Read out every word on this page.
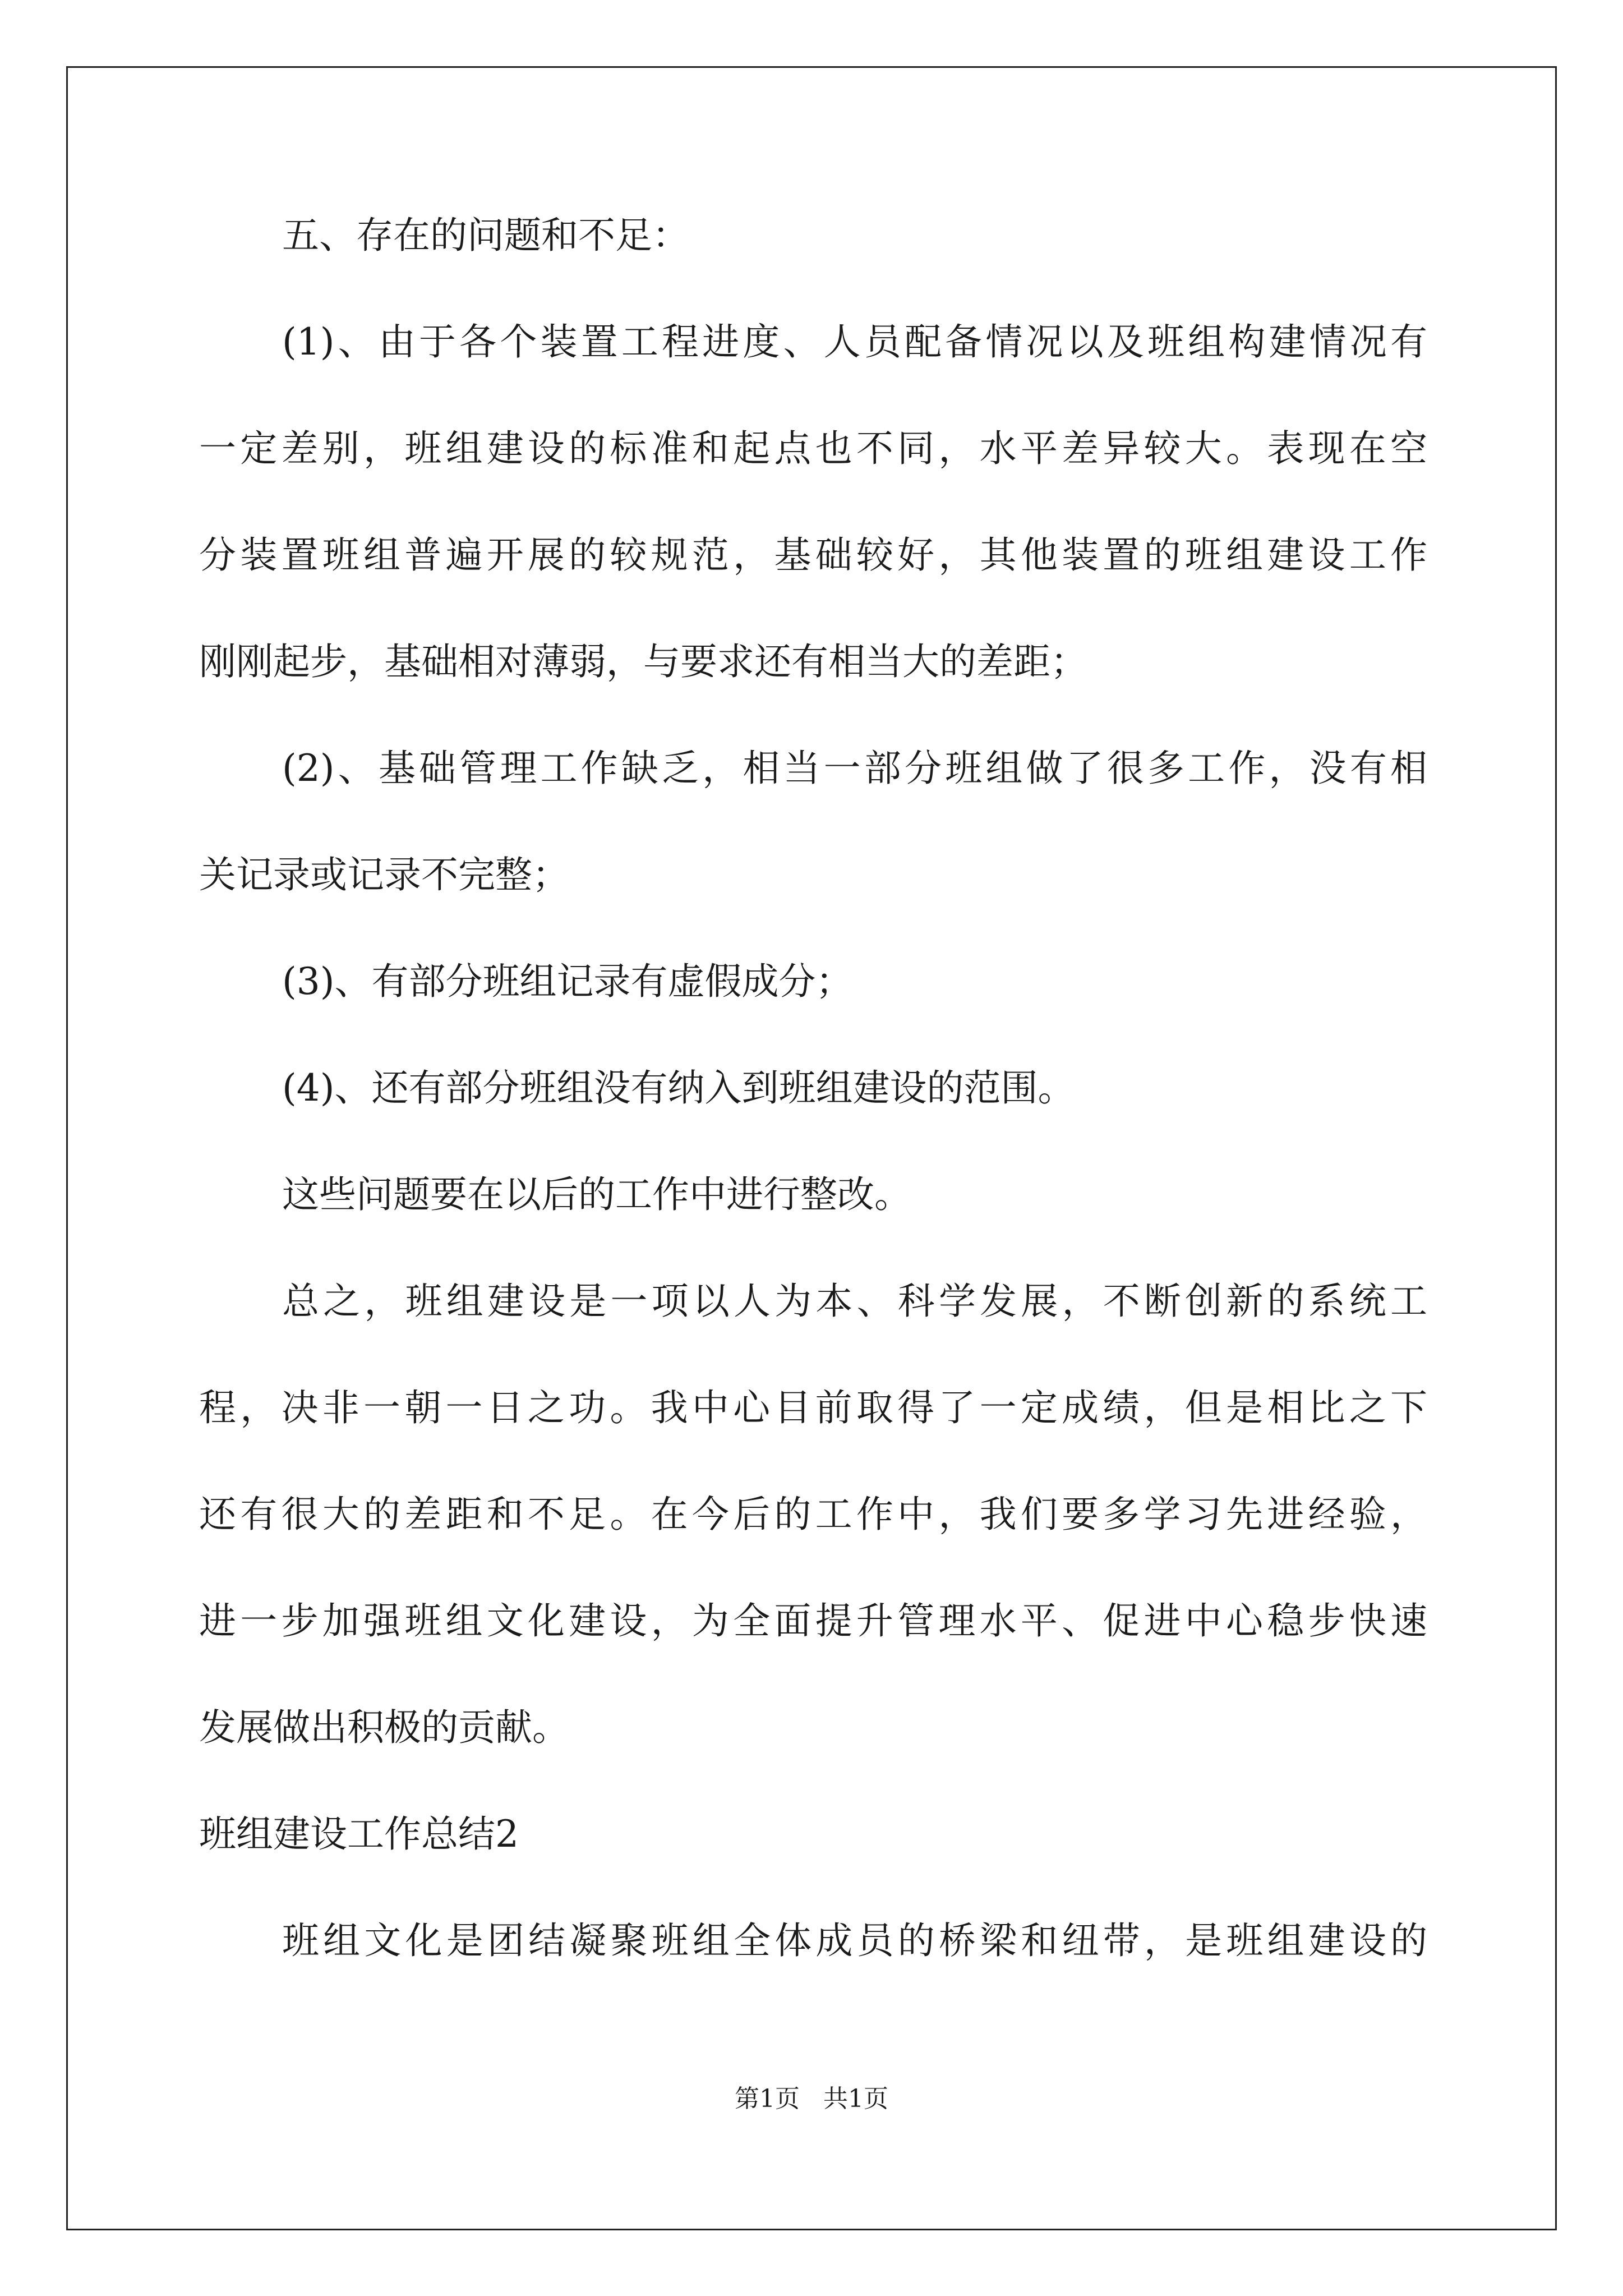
五、存在的问题和不足：
(1)、由于各个装置工程进度、人员配备情况以及班组构建情况有
一定差别，班组建设的标准和起点也不同，水平差异较大。表现在空
分装置班组普遍开展的较规范，基础较好，其他装置的班组建设工作
刚刚起步，基础相对薄弱，与要求还有相当大的差距；
(2)、基础管理工作缺乏，相当一部分班组做了很多工作，没有相
关记录或记录不完整；
(3)、有部分班组记录有虚假成分；
(4)、还有部分班组没有纳入到班组建设的范围。
这些问题要在以后的工作中进行整改。
总之，班组建设是一项以人为本、科学发展，不断创新的系统工
程，决非一朝一日之功。我中心目前取得了一定成绩，但是相比之下
还有很大的差距和不足。在今后的工作中，我们要多学习先进经验，
进一步加强班组文化建设，为全面提升管理水平、促进中心稳步快速
发展做出积极的贡献。
班组建设工作总结2
班组文化是团结凝聚班组全体成员的桥梁和纽带，是班组建设的
第1页   共1页
